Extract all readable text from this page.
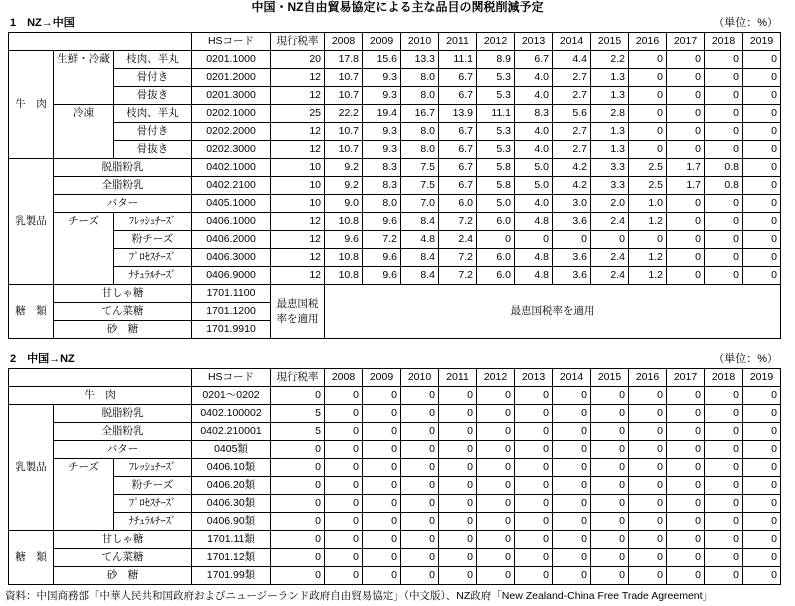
中国・NZ自由貿易協定による主な品目の関税削減予定
1　NZ→中国	（単位：%）
			HSコード	現行税率	2008	2009	2010	2011	2012	2013	2014	2015	2016	2017	2018	2019
牛　肉	生鮮・冷蔵	枝肉、半丸	0201.1000	20	17.8	15.6	13.3	11.1	8.9	6.7	4.4	2.2	0	0	0	0
		骨付き	0201.2000	12	10.7	9.3	8.0	6.7	5.3	4.0	2.7	1.3	0	0	0	0
		骨抜き	0201.3000	12	10.7	9.3	8.0	6.7	5.3	4.0	2.7	1.3	0	0	0	0
	冷凍	枝肉、半丸	0202.1000	25	22.2	19.4	16.7	13.9	11.1	8.3	5.6	2.8	0	0	0	0
		骨付き	0202.2000	12	10.7	9.3	8.0	6.7	5.3	4.0	2.7	1.3	0	0	0	0
		骨抜き	0202.3000	12	10.7	9.3	8.0	6.7	5.3	4.0	2.7	1.3	0	0	0	0
乳製品	脱脂粉乳		0402.1000	10	9.2	8.3	7.5	6.7	5.8	5.0	4.2	3.3	2.5	1.7	0.8	0
	全脂粉乳		0402.2100	10	9.2	8.3	7.5	6.7	5.8	5.0	4.2	3.3	2.5	1.7	0.8	0
	バター		0405.1000	10	9.0	8.0	7.0	6.0	5.0	4.0	3.0	2.0	1.0	0	0	0
	チーズ	ﾌﾚｯｼｭﾁｰｽﾞ	0406.1000	12	10.8	9.6	8.4	7.2	6.0	4.8	3.6	2.4	1.2	0	0	0
		粉チーズ	0406.2000	12	9.6	7.2	4.8	2.4	0	0	0	0	0	0	0	0
		ﾌﾟﾛｾｽﾁｰｽﾞ	0406.3000	12	10.8	9.6	8.4	7.2	6.0	4.8	3.6	2.4	1.2	0	0	0
		ﾅﾁｭﾗﾙﾁｰｽﾞ	0406.9000	12	10.8	9.6	8.4	7.2	6.0	4.8	3.6	2.4	1.2	0	0	0
糖　類	甘しゃ糖		1701.1100	最恵国税率を適用	最恵国税率を適用											
	てん菜糖		1701.1200													
	砂　糖		1701.9910													
2　中国→NZ	（単位：%）
			HSコード	現行税率	2008	2009	2010	2011	2012	2013	2014	2015	2016	2017	2018	2019
牛　肉			0201～0202	0	0	0	0	0	0	0	0	0	0	0	0	0
乳製品	脱脂粉乳		0402.100002	5	0	0	0	0	0	0	0	0	0	0	0	0
	全脂粉乳		0402.210001	5	0	0	0	0	0	0	0	0	0	0	0	0
	バター		0405類	0	0	0	0	0	0	0	0	0	0	0	0	0
	チーズ	ﾌﾚｯｼｭﾁｰｽﾞ	0406.10類	0	0	0	0	0	0	0	0	0	0	0	0	0
		粉チーズ	0406.20類	0	0	0	0	0	0	0	0	0	0	0	0	0
		ﾌﾟﾛｾｽﾁｰｽﾞ	0406.30類	0	0	0	0	0	0	0	0	0	0	0	0	0
		ﾅﾁｭﾗﾙﾁｰｽﾞ	0406.90類	0	0	0	0	0	0	0	0	0	0	0	0	0
糖　類	甘しゃ糖		1701.11類	0	0	0	0	0	0	0	0	0	0	0	0	0
	てん菜糖		1701.12類	0	0	0	0	0	0	0	0	0	0	0	0	0
	砂　糖		1701.99類	0	0	0	0	0	0	0	0	0	0	0	0	0
資料：中国商務部「中華人民共和国政府およびニュージーランド政府自由貿易協定」（中文版）、NZ政府「New Zealand-China Free Trade Agreement」
